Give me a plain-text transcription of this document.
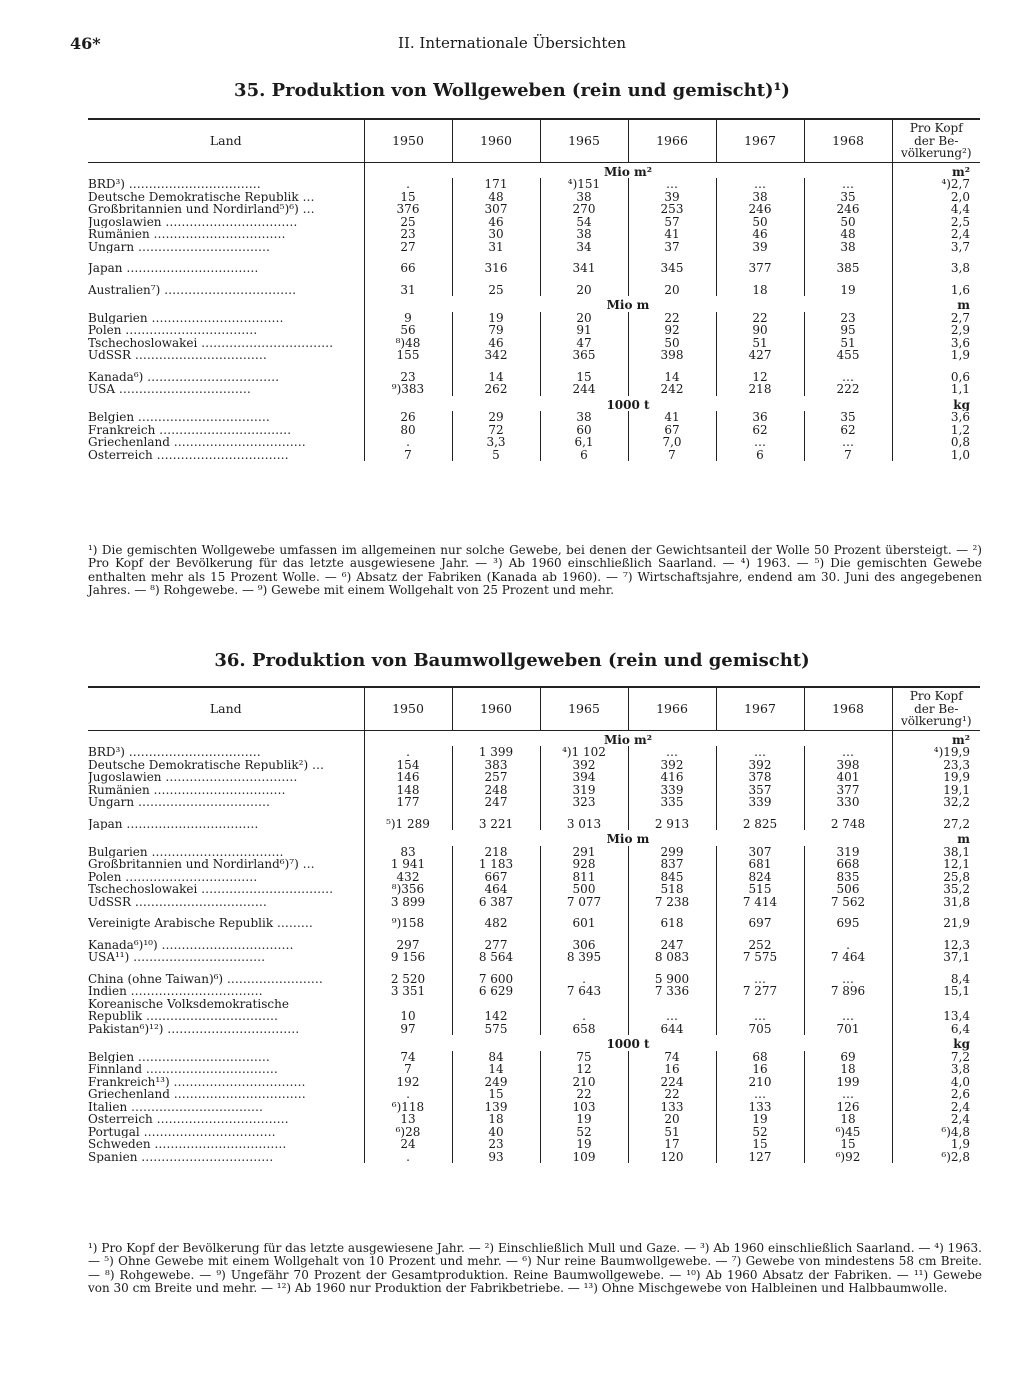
46*	II. Internationale Übersichten
35. Produktion von Wollgeweben (rein und gemischt)¹)
Land	1950	1960	1965	1966	1967	1968	Pro Kopf der Be-völkerung²)
	Mio m²						m²
BRD³) ……………………………	.	171	⁴)151	…	…	…	⁴)2,7
Deutsche Demokratische Republik …	15	48	38	39	38	35	2,0
Großbritannien und Nordirland⁵)⁶) …	376	307	270	253	246	246	4,4
Jugoslawien ……………………………	25	46	54	57	50	50	2,5
Rumänien ……………………………	23	30	38	41	46	48	2,4
Ungarn ……………………………	27	31	34	37	39	38	3,7

Japan ……………………………	66	316	341	345	377	385	3,8

Australien⁷) ……………………………	31	25	20	20	18	19	1,6
	Mio m						m
Bulgarien ……………………………	9	19	20	22	22	23	2,7
Polen ……………………………	56	79	91	92	90	95	2,9
Tschechoslowakei ……………………………	⁸)48	46	47	50	51	51	3,6
UdSSR ……………………………	155	342	365	398	427	455	1,9

Kanada⁶) ……………………………	23	14	15	14	12	…	0,6
USA ……………………………	⁹)383	262	244	242	218	222	1,1
	1000 t						kg
Belgien ……………………………	26	29	38	41	36	35	3,6
Frankreich ……………………………	80	72	60	67	62	62	1,2
Griechenland ……………………………	.	3,3	6,1	7,0	…	…	0,8
Österreich ……………………………	7	5	6	7	6	7	1,0
¹) Die gemischten Wollgewebe umfassen im allgemeinen nur solche Gewebe, bei denen der Gewichtsanteil der Wolle 50 Prozent übersteigt. — ²) Pro Kopf der Bevölkerung für das letzte ausgewiesene Jahr. — ³) Ab 1960 einschließlich Saarland. — ⁴) 1963. — ⁵) Die gemischten Gewebe enthalten mehr als 15 Prozent Wolle. — ⁶) Absatz der Fabriken (Kanada ab 1960). — ⁷) Wirtschaftsjahre, endend am 30. Juni des angegebenen Jahres. — ⁸) Rohgewebe. — ⁹) Gewebe mit einem Wollgehalt von 25 Prozent und mehr.
36. Produktion von Baumwollgeweben (rein und gemischt)
Land	1950	1960	1965	1966	1967	1968	Pro Kopf der Be-völkerung¹)
	Mio m²						m²
BRD³) ……………………………	.	1 399	⁴)1 102	…	…	…	⁴)19,9
Deutsche Demokratische Republik²) …	154	383	392	392	392	398	23,3
Jugoslawien ……………………………	146	257	394	416	378	401	19,9
Rumänien ……………………………	148	248	319	339	357	377	19,1
Ungarn ……………………………	177	247	323	335	339	330	32,2

Japan ……………………………	⁵)1 289	3 221	3 013	2 913	2 825	2 748	27,2
	Mio m						m
Bulgarien ……………………………	83	218	291	299	307	319	38,1
Großbritannien und Nordirland⁶)⁷) …	1 941	1 183	928	837	681	668	12,1
Polen ……………………………	432	667	811	845	824	835	25,8
Tschechoslowakei ……………………………	⁸)356	464	500	518	515	506	35,2
UdSSR ……………………………	3 899	6 387	7 077	7 238	7 414	7 562	31,8

Vereinigte Arabische Republik ………	⁹)158	482	601	618	697	695	21,9

Kanada⁶)¹⁰) ……………………………	297	277	306	247	252	.	12,3
USA¹¹) ……………………………	9 156	8 564	8 395	8 083	7 575	7 464	37,1

China (ohne Taiwan)⁶) ……………………	2 520	7 600	.	5 900	…	…	8,4
Indien ……………………………	3 351	6 629	7 643	7 336	7 277	7 896	15,1
Koreanische Volksdemokratische							
Republik ……………………………	10	142	.	…	…	…	13,4
Pakistan⁶)¹²) ……………………………	97	575	658	644	705	701	6,4
	1000 t						kg
Belgien ……………………………	74	84	75	74	68	69	7,2
Finnland ……………………………	7	14	12	16	16	18	3,8
Frankreich¹³) ……………………………	192	249	210	224	210	199	4,0
Griechenland ……………………………	.	15	22	22	…	…	2,6
Italien ……………………………	⁶)118	139	103	133	133	126	2,4
Österreich ……………………………	13	18	19	20	19	18	2,4
Portugal ……………………………	⁶)28	40	52	51	52	⁶)45	⁶)4,8
Schweden ……………………………	24	23	19	17	15	15	1,9
Spanien ……………………………	.	93	109	120	127	⁶)92	⁶)2,8
¹) Pro Kopf der Bevölkerung für das letzte ausgewiesene Jahr. — ²) Einschließlich Mull und Gaze. — ³) Ab 1960 einschließlich Saarland. — ⁴) 1963. — ⁵) Ohne Gewebe mit einem Wollgehalt von 10 Prozent und mehr. — ⁶) Nur reine Baumwollgewebe. — ⁷) Gewebe von mindestens 58 cm Breite. — ⁸) Rohgewebe. — ⁹) Ungefähr 70 Prozent der Gesamtproduktion. Reine Baumwollgewebe. — ¹⁰) Ab 1960 Absatz der Fabriken. — ¹¹) Gewebe von 30 cm Breite und mehr. — ¹²) Ab 1960 nur Produktion der Fabrikbetriebe. — ¹³) Ohne Mischgewebe von Halbleinen und Halbbaumwolle.
